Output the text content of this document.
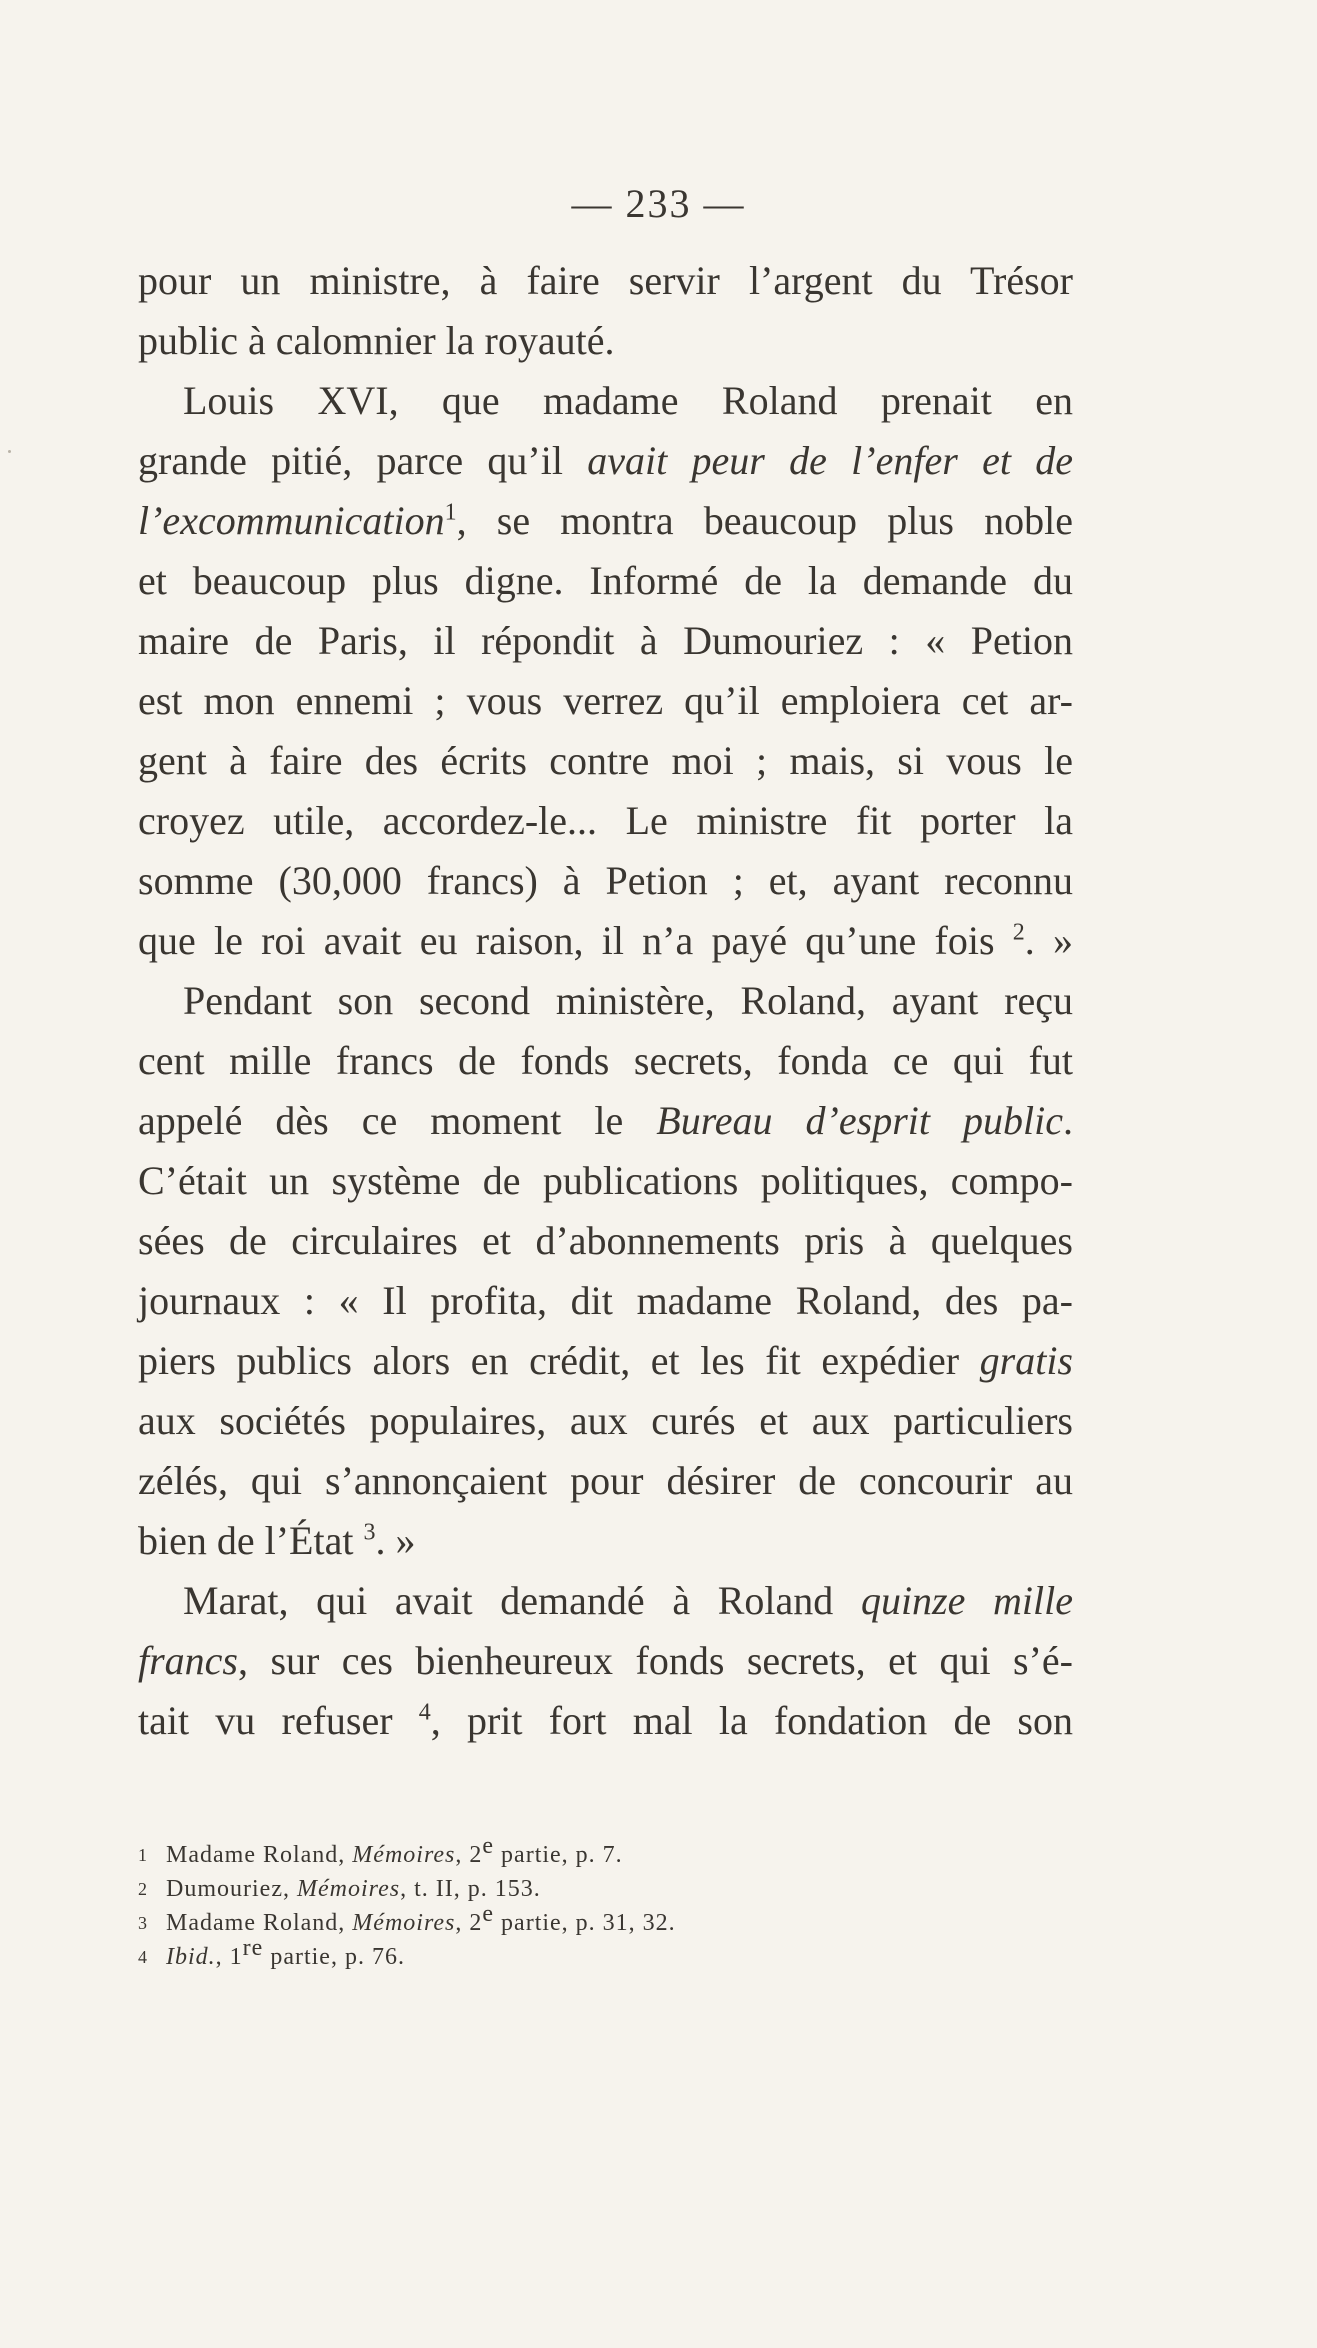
— 233 —
pour un ministre, à faire servir l’argent du Trésor
public à calomnier la royauté.
Louis XVI, que madame Roland prenait en
grande pitié, parce qu’il avait peur de l’enfer et de
l’excommunication$^1$, se montra beaucoup plus noble
et beaucoup plus digne. Informé de la demande du
maire de Paris, il répondit à Dumouriez : « Petion
est mon ennemi ; vous verrez qu’il emploiera cet ar-
gent à faire des écrits contre moi ; mais, si vous le
croyez utile, accordez-le... Le ministre fit porter la
somme (30,000 francs) à Petion ; et, ayant reconnu
que le roi avait eu raison, il n’a payé qu’une fois $^2$. »
Pendant son second ministère, Roland, ayant reçu
cent mille francs de fonds secrets, fonda ce qui fut
appelé dès ce moment le Bureau d’esprit public.
C’était un système de publications politiques, compo-
sées de circulaires et d’abonnements pris à quelques
journaux : « Il profita, dit madame Roland, des pa-
piers publics alors en crédit, et les fit expédier gratis
aux sociétés populaires, aux curés et aux particuliers
zélés, qui s’annonçaient pour désirer de concourir au
bien de l’État $^3$. »
Marat, qui avait demandé à Roland quinze mille
francs, sur ces bienheureux fonds secrets, et qui s’é-
tait vu refuser $^4$, prit fort mal la fondation de son
1 Madame Roland, Mémoires, 2e partie, p. 7.
2 Dumouriez, Mémoires, t. II, p. 153.
3 Madame Roland, Mémoires, 2e partie, p. 31, 32.
4 Ibid., 1re partie, p. 76.
